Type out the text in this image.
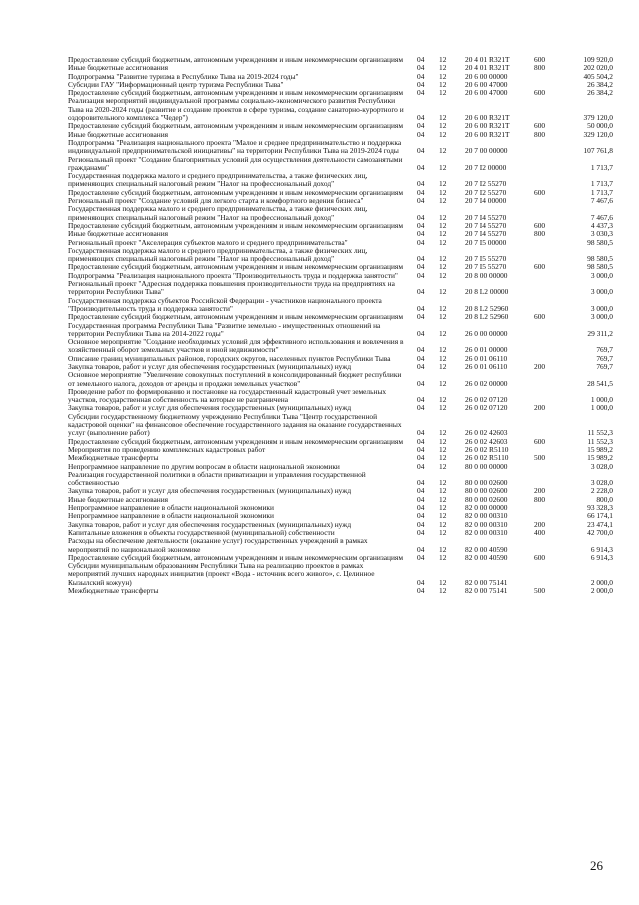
Предоставление субсидий бюджетным, автономным учреждениям и иным некоммерческим организациям 04 12	20 4 01 R321T	600	109 920,0
Иные бюджетные ассигнования	04 12	20 4 01 R321T	800	202 020,0
Подпрограмма "Развитие туризма в Республике Тыва на 2019-2024 годы"	04 12	20 6 00 00000	405 504,2
Субсидии ГАУ "Информационный центр туризма Республики Тыва"	04 12	20 6 00 47000	26 384,2
Предоставление субсидий бюджетным, автономным учреждениям и иным некоммерческим организациям 04 12	20 6 00 47000	600	26 384,2
Реализация мероприятий индивидуальной программы социально-экономического развития Республики Тыва на 2020-2024 годы (развитие и создание проектов в сфере туризма, создание санаторно-курортного и оздоровительного комплекса "Чедер")	04 12	20 6 00 R321T	379 120,0
Предоставление субсидий бюджетным, автономным учреждениям и иным некоммерческим организациям 04 12	20 6 00 R321T	600	50 000,0
Иные бюджетные ассигнования	04 12	20 6 00 R321T	800	329 120,0
Подпрограмма "Реализация национального проекта "Малое и среднее предпринимательство и поддержка индивидуальной предпринимательской инициативы" на территории Республики Тыва на 2019-2024 годы	04 12	20 7 00 00000	107 761,8
Региональный проект "Создание благоприятных условий для осуществления деятельности самозанятыми гражданами"	04 12	20 7 I2 00000	1 713,7
Государственная поддержка малого и среднего предпринимательства, а также физических лиц, применяющих специальный налоговый режим "Налог на профессиональный доход"	04 12	20 7 I2 55270	1 713,7
Предоставление субсидий бюджетным, автономным учреждениям и иным некоммерческим организациям 04 12	20 7 I2 55270	600	1 713,7
Региональный проект "Создание условий для легкого старта и комфортного ведения бизнеса"	04 12	20 7 I4 00000	7 467,6
Государственная поддержка малого и среднего предпринимательства, а также физических лиц, применяющих специальный налоговый режим "Налог на профессиональный доход"	04 12	20 7 I4 55270	7 467,6
Предоставление субсидий бюджетным, автономным учреждениям и иным некоммерческим организациям 04 12	20 7 I4 55270	600	4 437,3
Иные бюджетные ассигнования	04 12	20 7 I4 55270	800	3 030,3
Региональный проект "Акселерация субъектов малого и среднего предпринимательства"	04 12	20 7 I5 00000	98 580,5
Государственная поддержка малого и среднего предпринимательства, а также физических лиц, применяющих специальный налоговый режим "Налог на профессиональный доход"	04 12	20 7 I5 55270	98 580,5
Предоставление субсидий бюджетным, автономным учреждениям и иным некоммерческим организациям 04 12	20 7 I5 55270	600	98 580,5
Подпрограмма "Реализация национального проекта "Производительность труда и поддержка занятости"	04 12	20 8 00 00000	3 000,0
Региональный проект "Адресная поддержка повышения производительности труда на предприятиях на территории Республики Тыва"	04 12	20 8 L2 00000	3 000,0
Государственная поддержка субъектов Российской Федерации - участников национального проекта "Производительность труда и поддержка занятости"	04 12	20 8 L2 52960	3 000,0
Предоставление субсидий бюджетным, автономным учреждениям и иным некоммерческим организациям 04 12	20 8 L2 52960	600	3 000,0
Государственная программа Республики Тыва "Развитие земельно - имущественных отношений на территории Республики Тыва на 2014-2022 годы"	04 12	26 0 00 00000	29 311,2
Основное мероприятие "Создание необходимых условий для эффективного использования и вовлечения в хозяйственный оборот земельных участков и иной недвижимости"	04 12	26 0 01 00000	769,7
Описание границ муниципальных районов, городских округов, населенных пунктов Республики Тыва	04 12	26 0 01 06110	769,7
Закупка товаров, работ и услуг для обеспечения государственных (муниципальных) нужд	04 12	26 0 01 06110	200	769,7
Основное мероприятие "Увеличение совокупных поступлений в консолидированный бюджет республики от земельного налога, доходов от аренды и продажи земельных участков"	04 12	26 0 02 00000	28 541,5
Проведение работ по формированию и постановке на государственный кадастровый учет земельных участков, государственная собственность на которые не разграничена	04 12	26 0 02 07120	1 000,0
Закупка товаров, работ и услуг для обеспечения государственных (муниципальных) нужд	04 12	26 0 02 07120	200	1 000,0
Субсидии государственному бюджетному учреждению Республики Тыва "Центр государственной кадастровой оценки" на финансовое обеспечение государственного задания на оказание государственных услуг (выполнение работ)	04 12	26 0 02 42603	11 552,3
Предоставление субсидий бюджетным, автономным учреждениям и иным некоммерческим организациям 04 12	26 0 02 42603	600	11 552,3
Мероприятия по проведению комплексных кадастровых работ	04 12	26 0 02 R5110	15 989,2
Межбюджетные трансферты	04 12	26 0 02 R5110	500	15 989,2
Непрограммное направление по другим вопросам в области национальной экономики	04 12	80 0 00 00000	3 028,0
Реализация государственной политики в области приватизации и управления государственной собственностью	04 12	80 0 00 02600	3 028,0
Закупка товаров, работ и услуг для обеспечения государственных (муниципальных) нужд	04 12	80 0 00 02600	200	2 228,0
Иные бюджетные ассигнования	04 12	80 0 00 02600	800	800,0
Непрограммное направление в области национальной экономики	04 12	82 0 00 00000	93 328,3
Непрограммное направление в области национальной экономики	04 12	82 0 00 00310	66 174,1
Закупка товаров, работ и услуг для обеспечения государственных (муниципальных) нужд	04 12	82 0 00 00310	200	23 474,1
Капитальные вложения в объекты государственной (муниципальной) собственности	04 12	82 0 00 00310	400	42 700,0
Расходы на обеспечение деятельности (оказание услуг) государственных учреждений в рамках мероприятий по национальной экономике	04 12	82 0 00 40590	6 914,3
Предоставление субсидий бюджетным, автономным учреждениям и иным некоммерческим организациям 04 12	82 0 00 40590	600	6 914,3
Субсидии муниципальным образованиям Республики Тыва на реализацию проектов в рамках мероприятий лучших народных инициатив (проект «Вода - источник всего живого», с. Целинное Кызылский кожуун)	04 12	82 0 00 75141	2 000,0
Межбюджетные трансферты	04 12	82 0 00 75141	500	2 000,0
26
